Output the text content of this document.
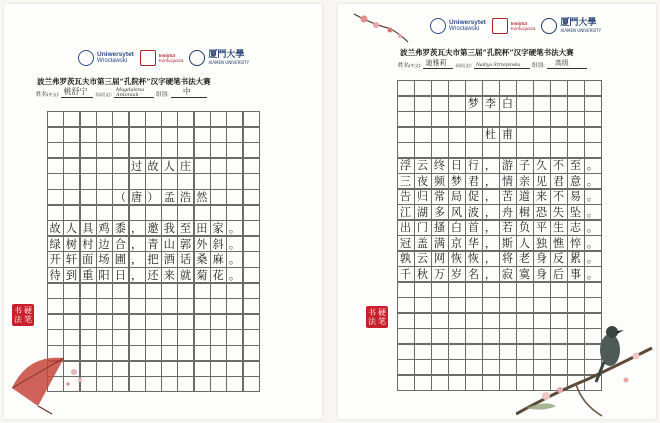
Uniwersytet
Wrocławski
Instytut
Konfucjusza
厦門大學
XIAMEN UNIVERSITY
波兰弗罗茨瓦夫市第三届“孔院杯”汉字硬笔书法大赛
姓名 (中文): 桃舒宁 (母语文):
Magdalena
Antoniak	组别: 中
过 故 人 庄
（ 唐 ） 孟 浩 然
故 人 具 鸡 黍 ， 邀 我 至 田 家 。
绿 树 村 边 合 ， 青 山 郭 外 斜 。
开 轩 面 场 圃 ， 把 酒 话 桑 麻 。
待 到 重 阳 日 ， 还 来 就 菊 花 。
书 硬
法 笔
Uniwersytet
Wrocławski
Instytut
Konfucjusza
厦門大學
XIAMEN UNIVERSITY
波兰弗罗茨瓦夫市第三届“孔院杯”汉字硬笔书法大赛
姓名 (中文): 迪雅莉 (母语文): Nadiya Strzepinska 组别: 高级
梦 李 白
杜 甫
浮 云 终 日 行 ， 游 子 久 不 至 。
三 夜 频 梦 君 ， 情 亲 见 君 意 。
告 归 常 局 促 ， 苦 道 来 不 易 。
江 湖 多 风 波 ， 舟 楫 恐 失 坠 。
出 门 搔 白 首 ， 若 负 平 生 志 。
冠 盖 满 京 华 ， 斯 人 独 憔 悴 。
孰 云 网 恢 恢 ， 将 老 身 反 累 。
千 秋 万 岁 名 ， 寂 寞 身 后 事 。
书 硬
法 笔
